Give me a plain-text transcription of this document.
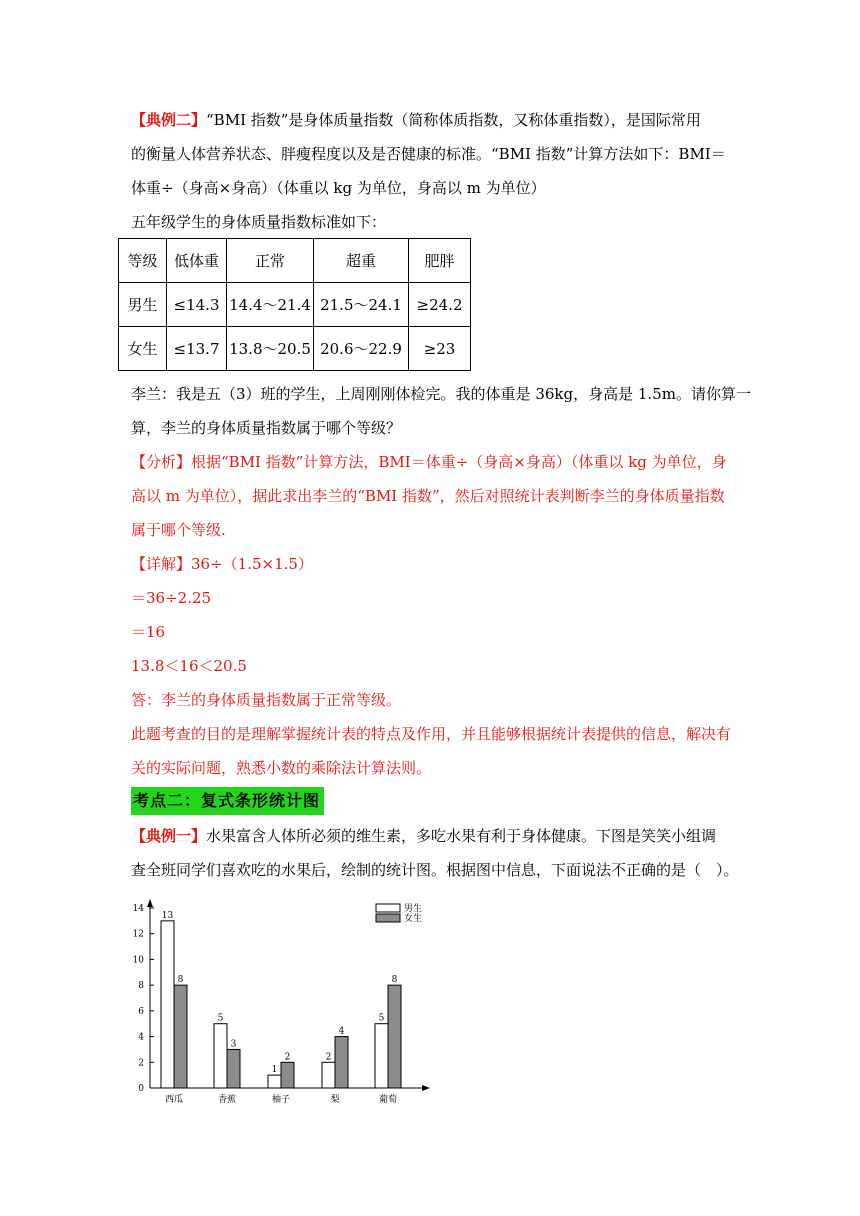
【典例二】“BMI 指数”是身体质量指数（简称体质指数，又称体重指数），是国际常用
的衡量人体营养状态、胖瘦程度以及是否健康的标准。“BMI 指数”计算方法如下：BMI＝
体重÷（身高×身高）（体重以 kg 为单位，身高以 m 为单位）
五年级学生的身体质量指数标准如下：
等级	低体重	正常	超重	肥胖
男生	≤14.3	14.4～21.4	21.5～24.1	≥24.2
女生	≤13.7	13.8～20.5	20.6～22.9	≥23
李兰：我是五（3）班的学生，上周刚刚体检完。我的体重是 36kg，身高是 1.5m。请你算一
算，李兰的身体质量指数属于哪个等级？
【分析】根据“BMI 指数”计算方法，BMI＝体重÷（身高×身高）（体重以 kg 为单位，身
高以 m 为单位），据此求出李兰的“BMI 指数”，然后对照统计表判断李兰的身体质量指数
属于哪个等级.
【详解】36÷（1.5×1.5）
＝36÷2.25
＝16
13.8＜16＜20.5
答：李兰的身体质量指数属于正常等级。
此题考查的目的是理解掌握统计表的特点及作用，并且能够根据统计表提供的信息，解决有
关的实际问题，熟悉小数的乘除法计算法则。
考点二：复式条形统计图
【典例一】水果富含人体所必须的维生素，多吃水果有利于身体健康。下图是笑笑小组调
查全班同学们喜欢吃的水果后，绘制的统计图。根据图中信息，下面说法不正确的是（　）。
0
2
4
6
8
10
12
14
13
8
西瓜
5
3
香蕉
1
2
柚子
2
4
梨
5
8
葡萄
男生
女生
